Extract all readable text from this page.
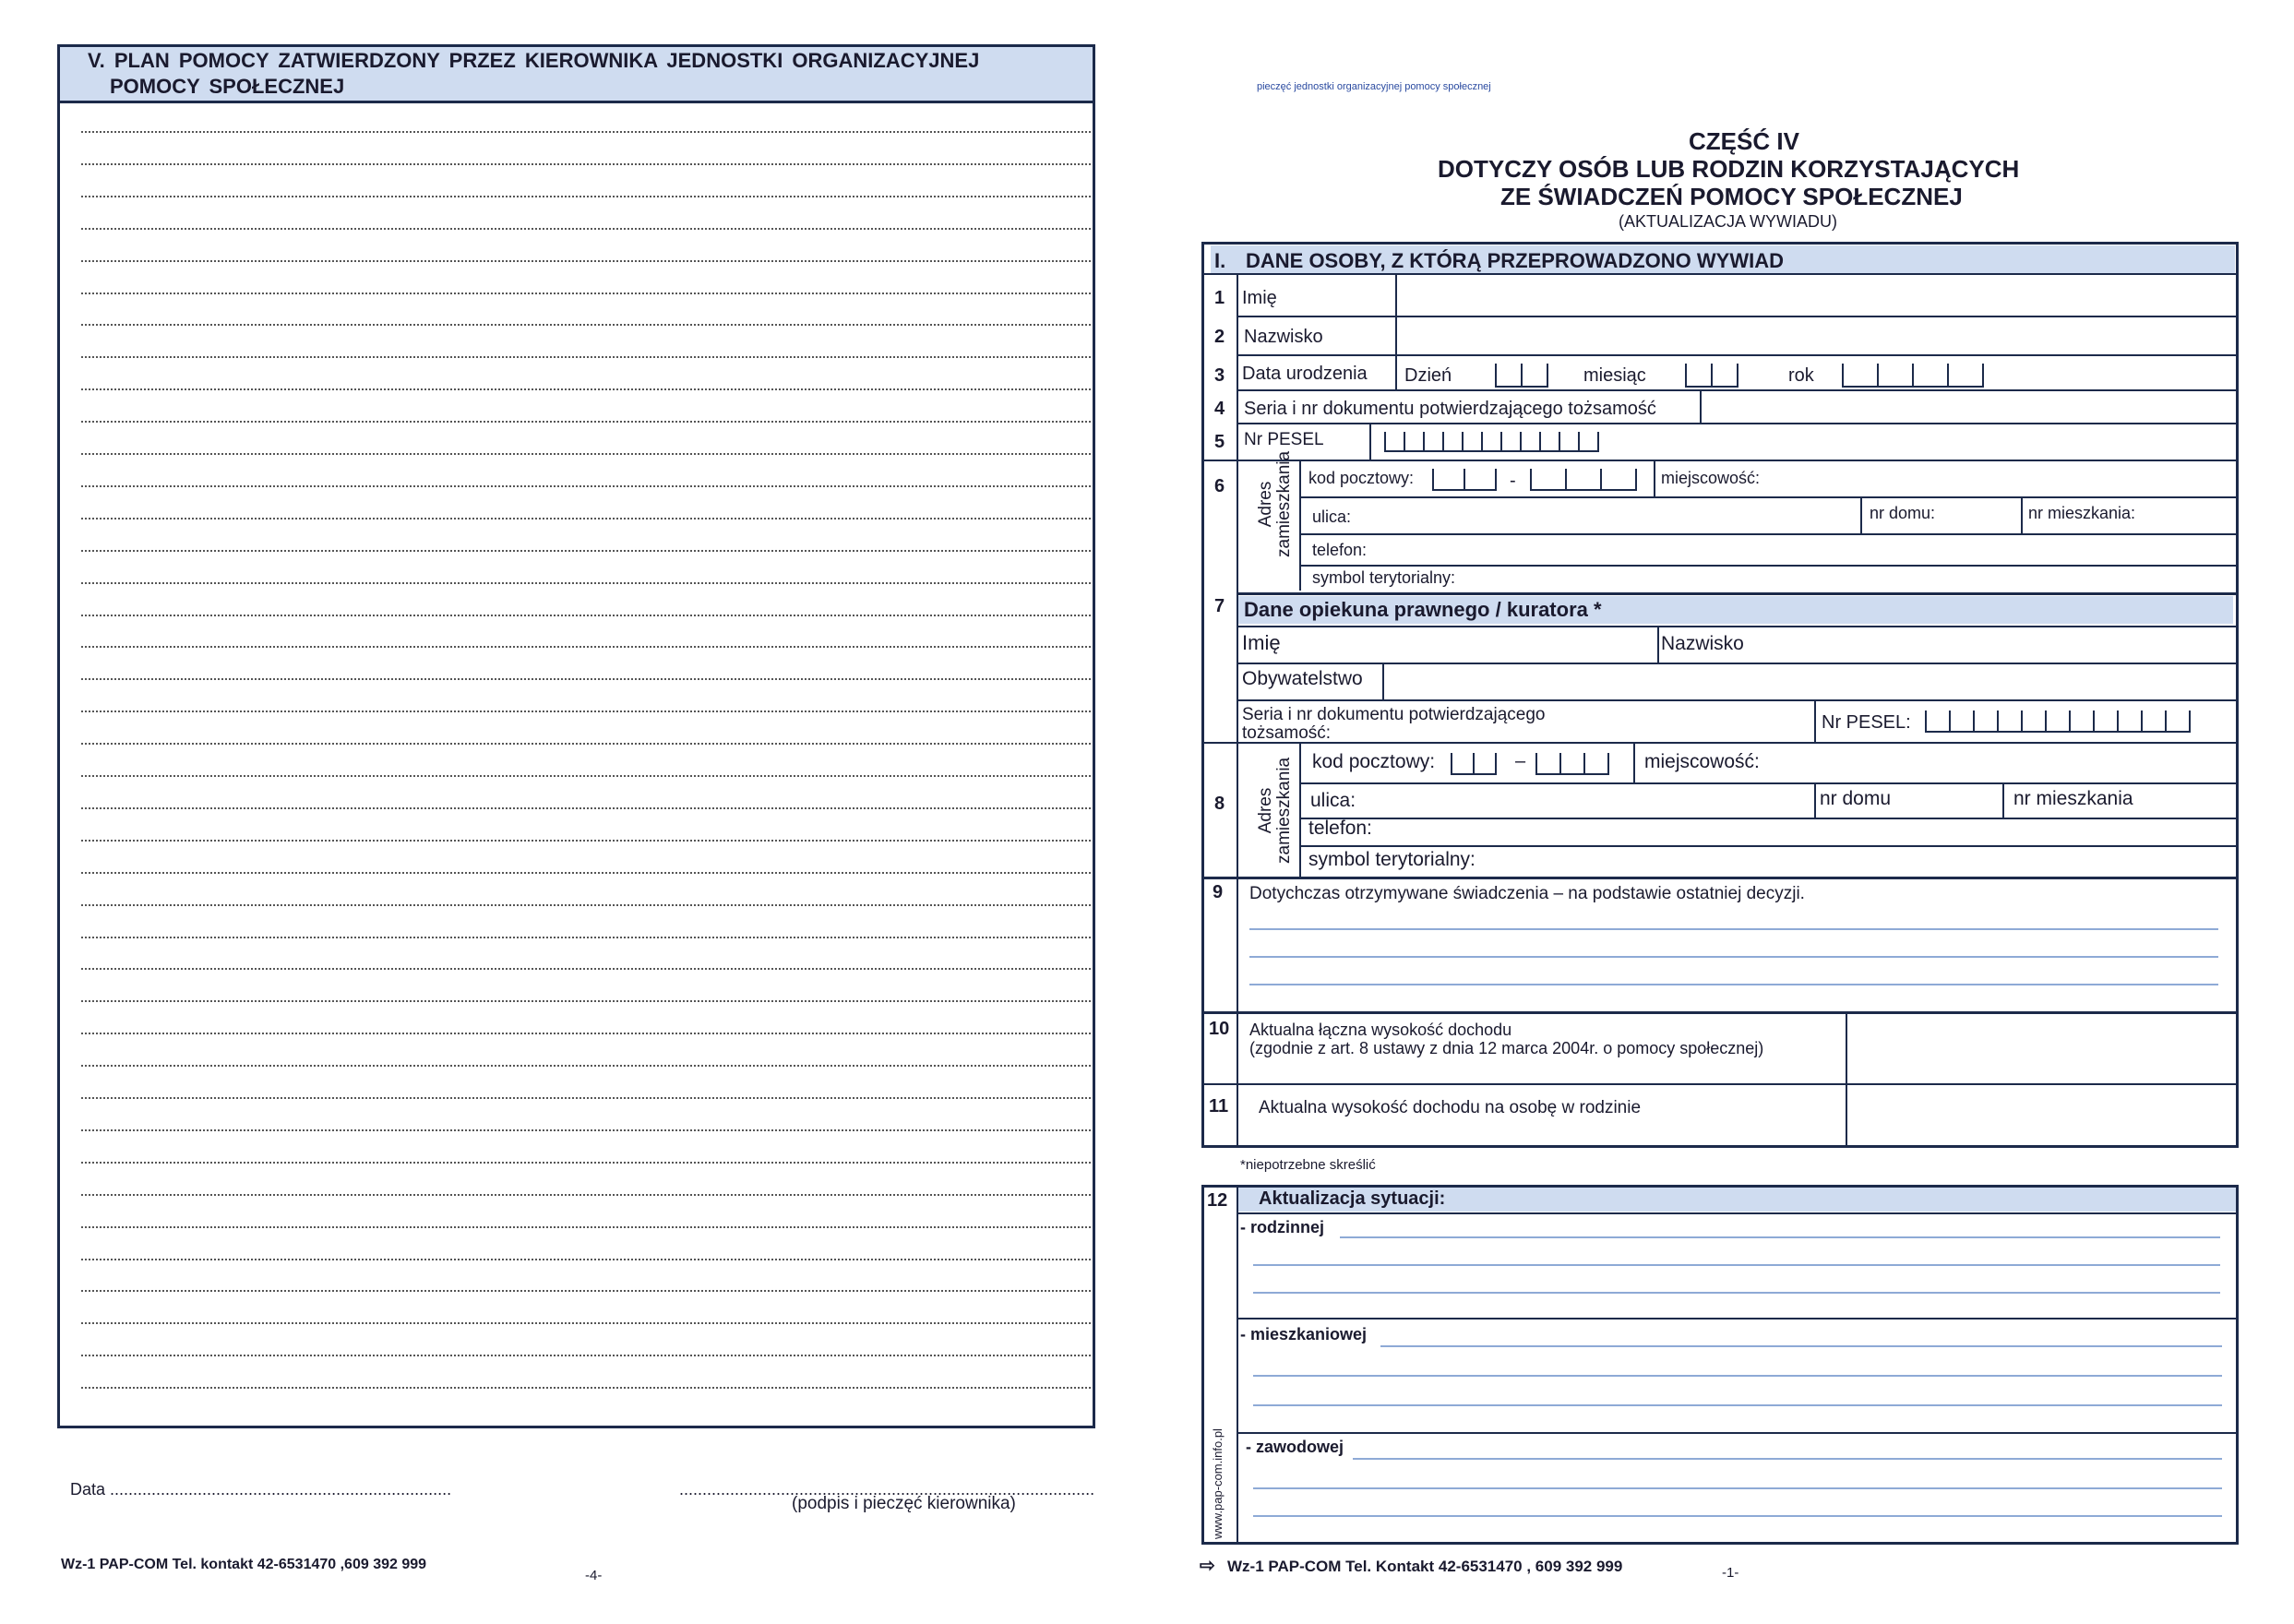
V. PLAN POMOCY ZATWIERDZONY PRZEZ KIEROWNIKA JEDNOSTKI ORGANIZACYJNEJ
POMOCY SPOŁECZNEJ
Data ..........................................................................	..........................................................................................
(podpis i pieczęć kierownika)
Wz-1 PAP-COM Tel. kontakt 42-6531470 ,609 392 999
-4-
pieczęć jednostki organizacyjnej pomocy społecznej
CZĘŚĆ IV
DOTYCZY OSÓB LUB RODZIN KORZYSTAJĄCYCH
ZE ŚWIADCZEŃ POMOCY SPOŁECZNEJ
(AKTUALIZACJA WYWIADU)
I. DANE OSOBY, Z KTÓRĄ PRZEPROWADZONO WYWIAD
1 Imię
2 Nazwisko
3 Data urodzenia Dzień	miesiąc	rok
4 Seria i nr dokumentu potwierdzającego tożsamość
5 Nr PESEL
6 Adres zamieszkania kod pocztowy:	-	miejscowość:
ulica:	nr domu:	nr mieszkania:
telefon:
symbol terytorialny:
7 Dane opiekuna prawnego / kuratora *
Imię	Nazwisko
Obywatelstwo
Seria i nr dokumentu potwierdzającego
tożsamość:
Nr PESEL:
8 Adres zamieszkania kod pocztowy:	–	miejscowość:
ulica:	nr domu	nr mieszkania
telefon:
symbol terytorialny:
9 Dotychczas otrzymywane świadczenia – na podstawie ostatniej decyzji.
10 Aktualna łączna wysokość dochodu
(zgodnie z art. 8 ustawy z dnia 12 marca 2004r. o pomocy społecznej)
11 Aktualna wysokość dochodu na osobę w rodzinie
*niepotrzebne skreślić
12 Aktualizacja sytuacji:
www.pap-com.info.pl
- rodzinnej
- mieszkaniowej
- zawodowej
⇨ Wz-1 PAP-COM Tel. Kontakt 42-6531470 , 609 392 999	-1-
